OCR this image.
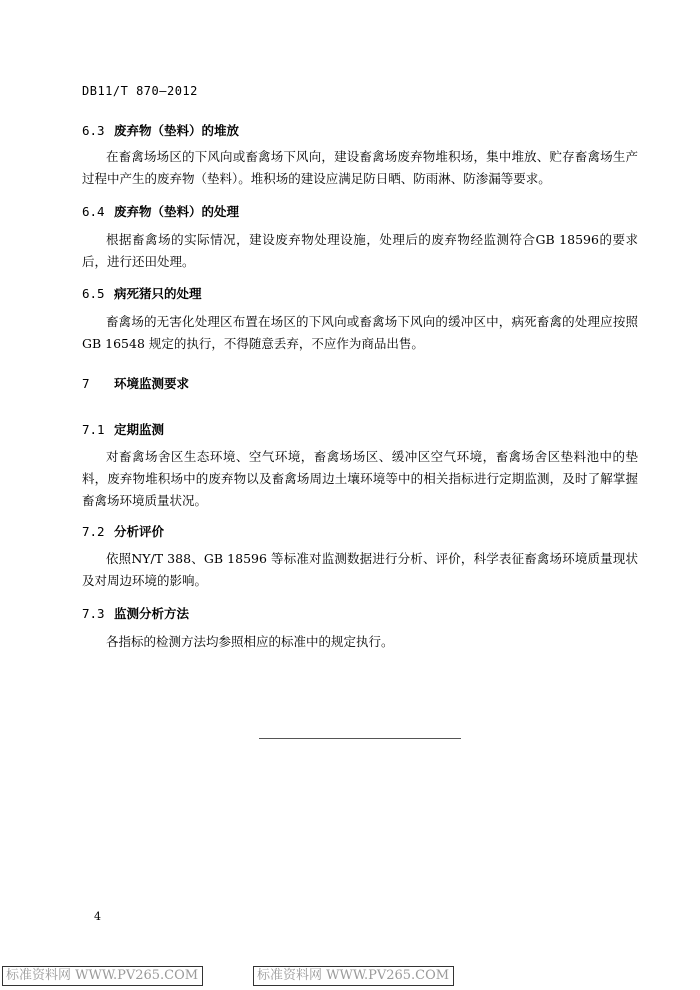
DB11/T 870—2012
6.3 废弃物（垫料）的堆放

在畜禽场场区的下风向或畜禽场下风向，建设畜禽场废弃物堆积场，集中堆放、贮存畜禽场生产过程中产生的废弃物（垫料）。堆积场的建设应满足防日晒、防雨淋、防渗漏等要求。

6.4 废弃物（垫料）的处理

根据畜禽场的实际情况，建设废弃物处理设施，处理后的废弃物经监测符合GB 18596的要求后，进行还田处理。

6.5 病死猪只的处理

畜禽场的无害化处理区布置在场区的下风向或畜禽场下风向的缓冲区中，病死畜禽的处理应按照GB 16548 规定的执行，不得随意丢弃，不应作为商品出售。

7 环境监测要求
7.1 定期监测

对畜禽场舍区生态环境、空气环境，畜禽场场区、缓冲区空气环境，畜禽场舍区垫料池中的垫料，废弃物堆积场中的废弃物以及畜禽场周边土壤环境等中的相关指标进行定期监测，及时了解掌握畜禽场环境质量状况。

7.2 分析评价

依照NY/T 388、GB 18596 等标准对监测数据进行分析、评价，科学表征畜禽场环境质量现状及对周边环境的影响。

7.3 监测分析方法

各指标的检测方法均参照相应的标准中的规定执行。

4
标准资料网 WWW.PV265.COM	标准资料网 WWW.PV265.COM
